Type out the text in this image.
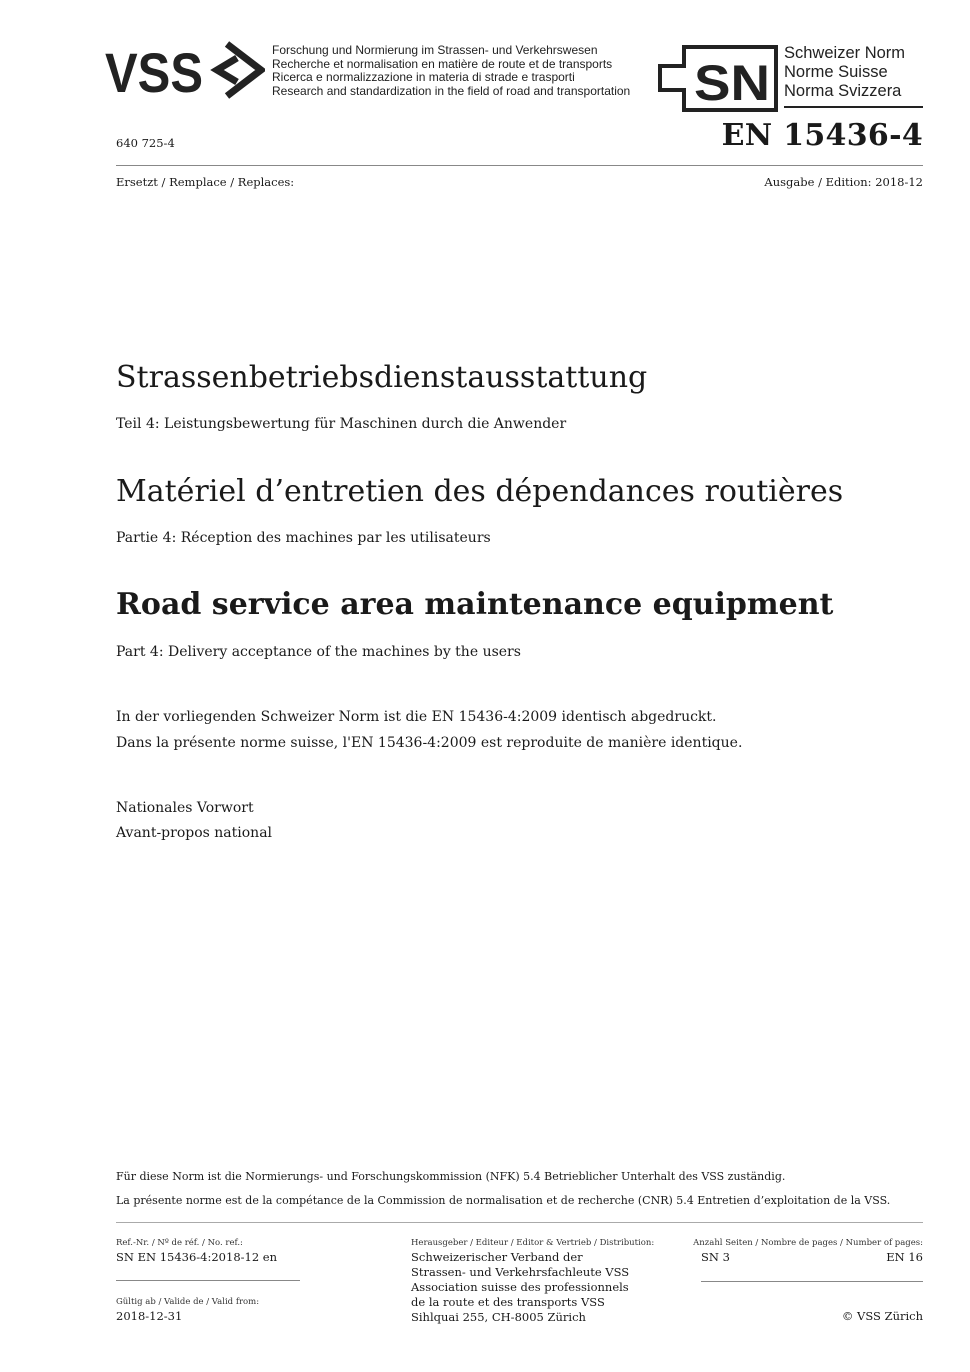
VSS	Forschung und Normierung im Strassen- und Verkehrswesen
Recherche et normalisation en matière de route et de transports
Ricerca e normalizzazione in materia di strade e trasporti
Research and standardization in the field of road and transportation SN
Schweizer Norm
Norme Suisse
Norma Svizzera
640 725-4	EN 15436-4
Ersetzt / Remplace / Replaces:	Ausgabe / Edition: 2018-12
Strassenbetriebsdienstausstattung
Teil 4: Leistungsbewertung für Maschinen durch die Anwender
Matériel d’entretien des dépendances routières
Partie 4: Réception des machines par les utilisateurs
Road service area maintenance equipment
Part 4: Delivery acceptance of the machines by the users
In der vorliegenden Schweizer Norm ist die EN 15436-4:2009 identisch abgedruckt.
Dans la présente norme suisse, l'EN 15436-4:2009 est reproduite de manière identique.
Nationales Vorwort
Avant-propos national
Für diese Norm ist die Normierungs- und Forschungskommission (NFK) 5.4 Betrieblicher Unterhalt des VSS zuständig.
La présente norme est de la compétance de la Commission de normalisation et de recherche (CNR) 5.4 Entretien d’exploitation de la VSS.
Ref.-Nr. / Nº de réf. / No. ref.:
SN EN 15436-4:2018-12 en
Gültig ab / Valide de / Valid from:
2018-12-31
Herausgeber / Editeur / Editor & Vertrieb / Distribution:
Schweizerischer Verband der
Strassen- und Verkehrsfachleute VSS
Association suisse des professionnels
de la route et des transports VSS
Sihlquai 255, CH-8005 Zürich
Anzahl Seiten / Nombre de pages / Number of pages:
SN 3	EN 16
© VSS Zürich
